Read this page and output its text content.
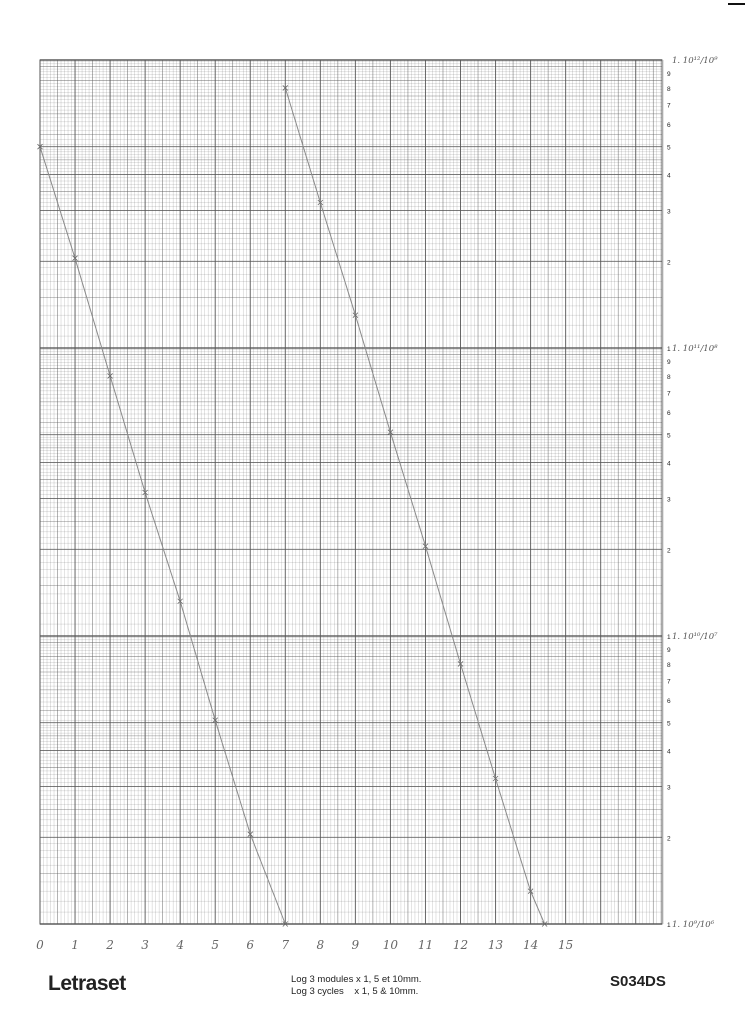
1
2
3
4
5
6
7
8
9
1
2
3
4
5
6
7
8
9
1
2
3
4
5
6
7
8
9
1. 10⁹/10⁶
1. 10¹⁰/10⁷
1. 10¹¹/10⁸
1. 10¹²/10⁹
0 1 2 3 4 5 6 7 8 9 10 11 12 13 14 15
Letraset	Log 3 modules x 1, 5 et 10mm.
Log 3 cycles    x 1, 5 & 10mm.
S034DS
